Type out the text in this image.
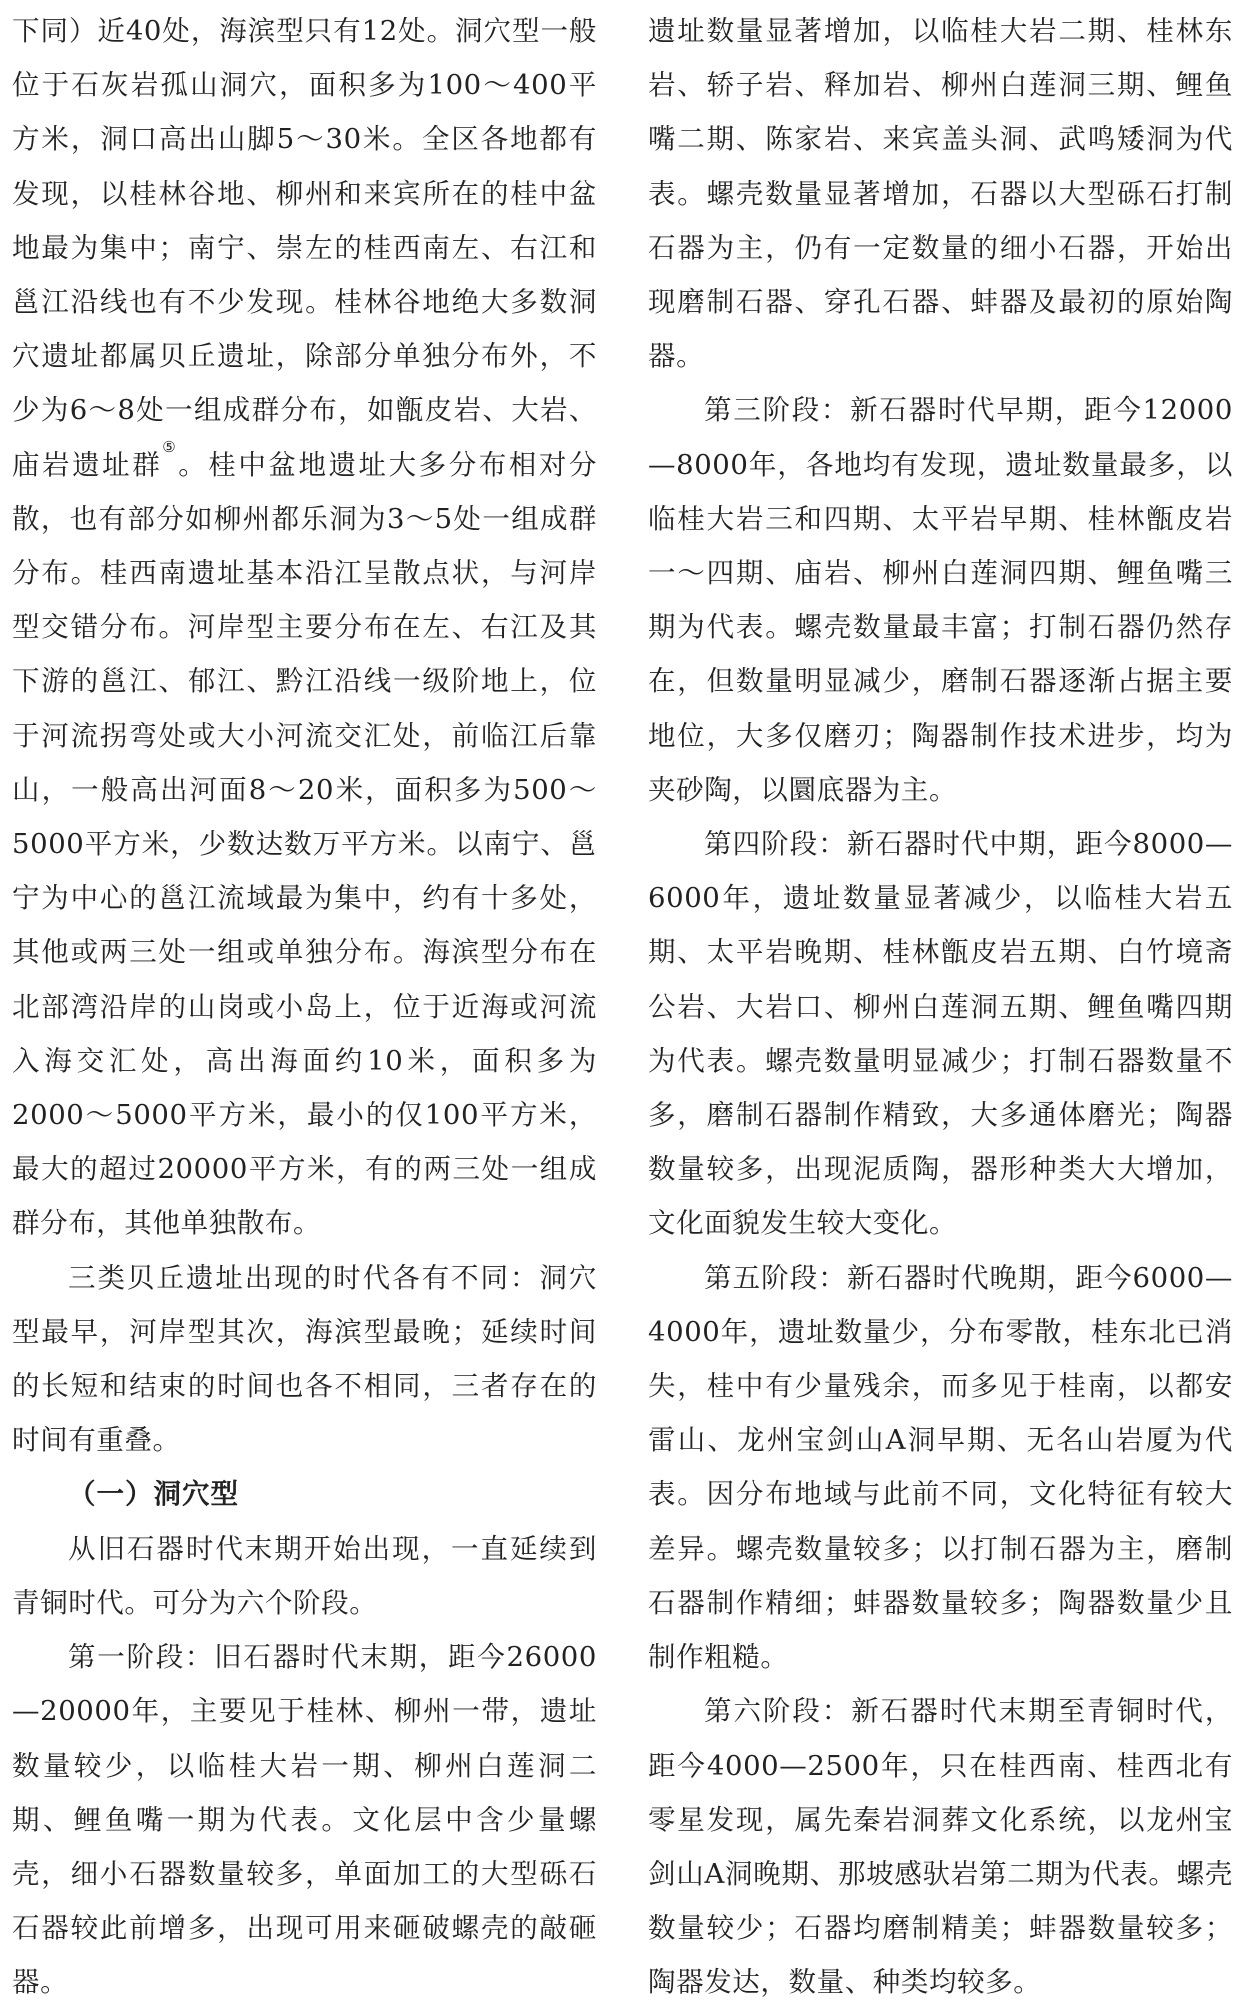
下同）近40处，海滨型只有12处。洞穴型一般位于石灰岩孤山洞穴，面积多为100～400平方米，洞口高出山脚5～30米。全区各地都有发现，以桂林谷地、柳州和来宾所在的桂中盆地最为集中；南宁、崇左的桂西南左、右江和邕江沿线也有不少发现。桂林谷地绝大多数洞穴遗址都属贝丘遗址，除部分单独分布外，不少为6～8处一组成群分布，如甑皮岩、大岩、庙岩遗址群⑤。桂中盆地遗址大多分布相对分散，也有部分如柳州都乐洞为3～5处一组成群分布。桂西南遗址基本沿江呈散点状，与河岸型交错分布。河岸型主要分布在左、右江及其下游的邕江、郁江、黔江沿线一级阶地上，位于河流拐弯处或大小河流交汇处，前临江后靠山，一般高出河面8～20米，面积多为500～5000平方米，少数达数万平方米。以南宁、邕宁为中心的邕江流域最为集中，约有十多处，其他或两三处一组或单独分布。海滨型分布在北部湾沿岸的山岗或小岛上，位于近海或河流入海交汇处，高出海面约10米，面积多为2000～5000平方米，最小的仅100平方米，最大的超过20000平方米，有的两三处一组成群分布，其他单独散布。

三类贝丘遗址出现的时代各有不同：洞穴型最早，河岸型其次，海滨型最晚；延续时间的长短和结束的时间也各不相同，三者存在的时间有重叠。

（一）洞穴型

从旧石器时代末期开始出现，一直延续到青铜时代。可分为六个阶段。

第一阶段：旧石器时代末期，距今26000—20000年，主要见于桂林、柳州一带，遗址数量较少，以临桂大岩一期、柳州白莲洞二期、鲤鱼嘴一期为代表。文化层中含少量螺壳，细小石器数量较多，单面加工的大型砾石石器较此前增多，出现可用来砸破螺壳的敲砸器。

遗址数量显著增加，以临桂大岩二期、桂林东岩、轿子岩、释加岩、柳州白莲洞三期、鲤鱼嘴二期、陈家岩、来宾盖头洞、武鸣矮洞为代表。螺壳数量显著增加，石器以大型砾石打制石器为主，仍有一定数量的细小石器，开始出现磨制石器、穿孔石器、蚌器及最初的原始陶器。

第三阶段：新石器时代早期，距今12000—8000年，各地均有发现，遗址数量最多，以临桂大岩三和四期、太平岩早期、桂林甑皮岩一～四期、庙岩、柳州白莲洞四期、鲤鱼嘴三期为代表。螺壳数量最丰富；打制石器仍然存在，但数量明显减少，磨制石器逐渐占据主要地位，大多仅磨刃；陶器制作技术进步，均为夹砂陶，以圜底器为主。

第四阶段：新石器时代中期，距今8000—6000年，遗址数量显著减少，以临桂大岩五期、太平岩晚期、桂林甑皮岩五期、白竹境斋公岩、大岩口、柳州白莲洞五期、鲤鱼嘴四期为代表。螺壳数量明显减少；打制石器数量不多，磨制石器制作精致，大多通体磨光；陶器数量较多，出现泥质陶，器形种类大大增加，文化面貌发生较大变化。

第五阶段：新石器时代晚期，距今6000—4000年，遗址数量少，分布零散，桂东北已消失，桂中有少量残余，而多见于桂南，以都安雷山、龙州宝剑山A洞早期、无名山岩厦为代表。因分布地域与此前不同，文化特征有较大差异。螺壳数量较多；以打制石器为主，磨制石器制作精细；蚌器数量较多；陶器数量少且制作粗糙。

第六阶段：新石器时代末期至青铜时代，距今4000—2500年，只在桂西南、桂西北有零星发现，属先秦岩洞葬文化系统，以龙州宝剑山A洞晚期、那坡感驮岩第二期为代表。螺壳数量较少；石器均磨制精美；蚌器数量较多；陶器发达，数量、种类均较多。
